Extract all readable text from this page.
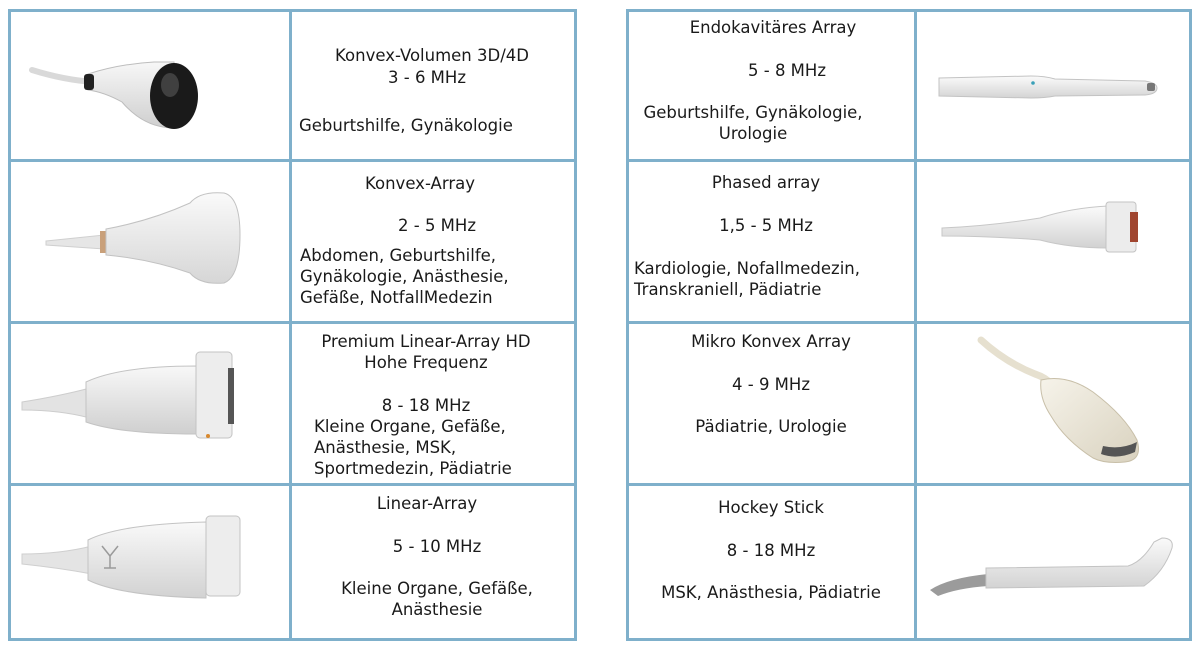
Konvex-Volumen 3D/4D

3 - 6 MHz

Geburtshilfe, Gynäkologie

Konvex-Array

2 - 5 MHz

Abdomen, Geburtshilfe,
Gynäkologie, Anästhesie,
Gefäße, NotfallMedezin

Premium Linear-Array HD
Hohe Frequenz

8 - 18 MHz

Kleine Organe, Gefäße,
Anästhesie, MSK,
Sportmedezin, Pädiatrie

Linear-Array

5 - 10 MHz

Kleine Organe, Gefäße,
Anästhesie

Endokavitäres Array

5 - 8 MHz

Geburtshilfe, Gynäkologie,
Urologie

Phased array

1,5 - 5 MHz

Kardiologie, Nofallmedezin,
Transkraniell, Pädiatrie

Mikro Konvex Array

4 - 9 MHz

Pädiatrie, Urologie

Hockey Stick

8 - 18 MHz

MSK, Anästhesia, Pädiatrie
